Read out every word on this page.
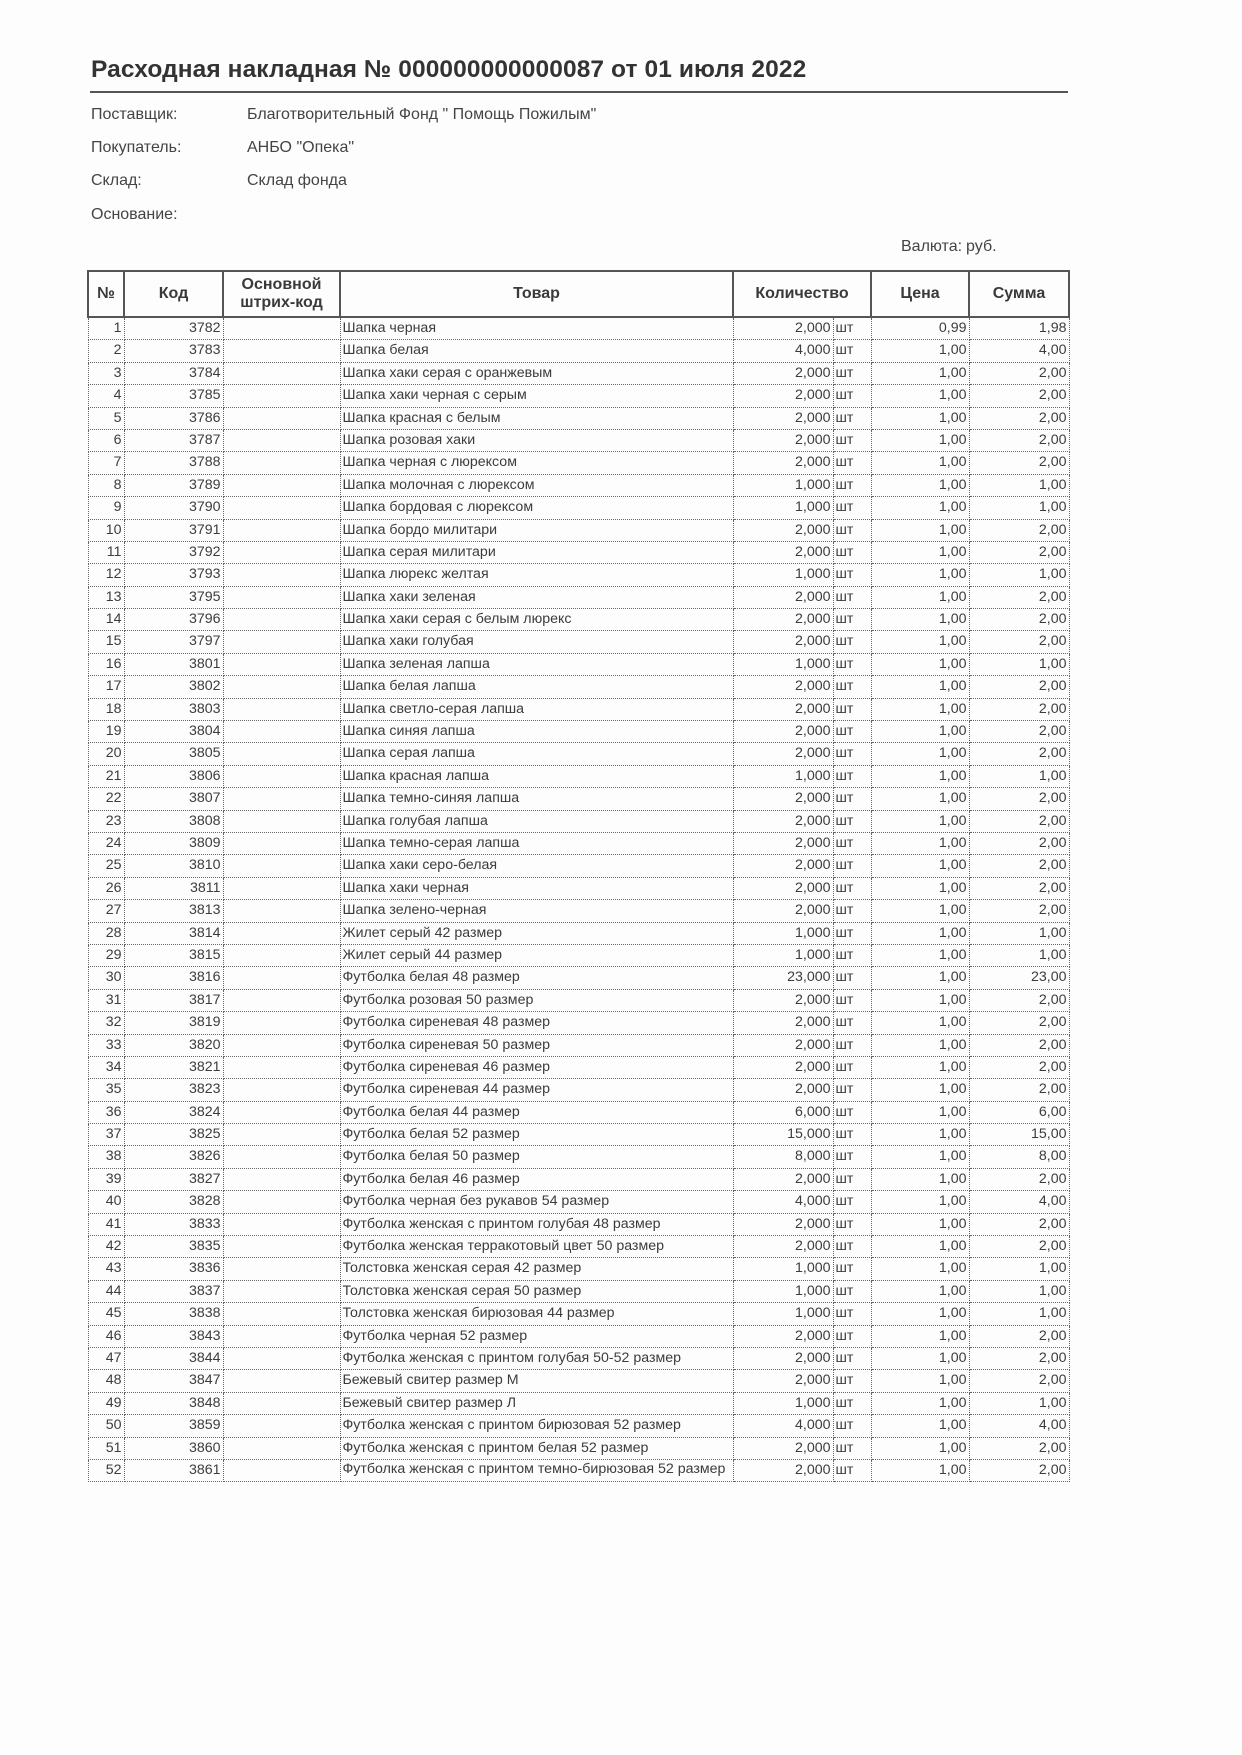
Расходная накладная № 000000000000087 от 01 июля 2022
Поставщик:	Благотворительный Фонд " Помощь Пожилым"
Покупатель:	АНБО "Опека"
Склад:	Склад фонда
Основание:
Валюта: руб.
№	Код	Основной штрих-код	Товар	Количество		Цена	Сумма
1	3782		Шапка черная	2,000	шт	0,99	1,98
2	3783		Шапка белая	4,000	шт	1,00	4,00
3	3784		Шапка хаки серая с оранжевым	2,000	шт	1,00	2,00
4	3785		Шапка хаки черная с серым	2,000	шт	1,00	2,00
5	3786		Шапка красная с белым	2,000	шт	1,00	2,00
6	3787		Шапка розовая хаки	2,000	шт	1,00	2,00
7	3788		Шапка черная с люрексом	2,000	шт	1,00	2,00
8	3789		Шапка молочная с люрексом	1,000	шт	1,00	1,00
9	3790		Шапка бордовая с люрексом	1,000	шт	1,00	1,00
10	3791		Шапка бордо милитари	2,000	шт	1,00	2,00
11	3792		Шапка серая милитари	2,000	шт	1,00	2,00
12	3793		Шапка люрекс желтая	1,000	шт	1,00	1,00
13	3795		Шапка хаки зеленая	2,000	шт	1,00	2,00
14	3796		Шапка хаки серая с белым люрекс	2,000	шт	1,00	2,00
15	3797		Шапка хаки голубая	2,000	шт	1,00	2,00
16	3801		Шапка зеленая лапша	1,000	шт	1,00	1,00
17	3802		Шапка белая лапша	2,000	шт	1,00	2,00
18	3803		Шапка светло-серая лапша	2,000	шт	1,00	2,00
19	3804		Шапка синяя лапша	2,000	шт	1,00	2,00
20	3805		Шапка серая лапша	2,000	шт	1,00	2,00
21	3806		Шапка красная лапша	1,000	шт	1,00	1,00
22	3807		Шапка темно-синяя лапша	2,000	шт	1,00	2,00
23	3808		Шапка голубая лапша	2,000	шт	1,00	2,00
24	3809		Шапка темно-серая лапша	2,000	шт	1,00	2,00
25	3810		Шапка хаки серо-белая	2,000	шт	1,00	2,00
26	3811		Шапка хаки черная	2,000	шт	1,00	2,00
27	3813		Шапка зелено-черная	2,000	шт	1,00	2,00
28	3814		Жилет серый 42 размер	1,000	шт	1,00	1,00
29	3815		Жилет серый 44 размер	1,000	шт	1,00	1,00
30	3816		Футболка белая 48 размер	23,000	шт	1,00	23,00
31	3817		Футболка розовая 50 размер	2,000	шт	1,00	2,00
32	3819		Футболка сиреневая 48 размер	2,000	шт	1,00	2,00
33	3820		Футболка сиреневая 50 размер	2,000	шт	1,00	2,00
34	3821		Футболка сиреневая 46 размер	2,000	шт	1,00	2,00
35	3823		Футболка сиреневая 44 размер	2,000	шт	1,00	2,00
36	3824		Футболка белая 44 размер	6,000	шт	1,00	6,00
37	3825		Футболка белая 52 размер	15,000	шт	1,00	15,00
38	3826		Футболка белая 50 размер	8,000	шт	1,00	8,00
39	3827		Футболка белая 46 размер	2,000	шт	1,00	2,00
40	3828		Футболка черная без рукавов 54 размер	4,000	шт	1,00	4,00
41	3833		Футболка женская с принтом голубая 48 размер	2,000	шт	1,00	2,00
42	3835		Футболка женская терракотовый цвет 50 размер	2,000	шт	1,00	2,00
43	3836		Толстовка женская серая 42 размер	1,000	шт	1,00	1,00
44	3837		Толстовка женская серая 50 размер	1,000	шт	1,00	1,00
45	3838		Толстовка женская бирюзовая 44 размер	1,000	шт	1,00	1,00
46	3843		Футболка черная 52 размер	2,000	шт	1,00	2,00
47	3844		Футболка женская с принтом голубая 50-52 размер	2,000	шт	1,00	2,00
48	3847		Бежевый свитер размер М	2,000	шт	1,00	2,00
49	3848		Бежевый свитер размер Л	1,000	шт	1,00	1,00
50	3859		Футболка женская с принтом бирюзовая 52 размер	4,000	шт	1,00	4,00
51	3860		Футболка женская с принтом белая 52 размер	2,000	шт	1,00	2,00
52	3861		Футболка женская с принтом темно-бирюзовая 52 размер	2,000	шт	1,00	2,00
